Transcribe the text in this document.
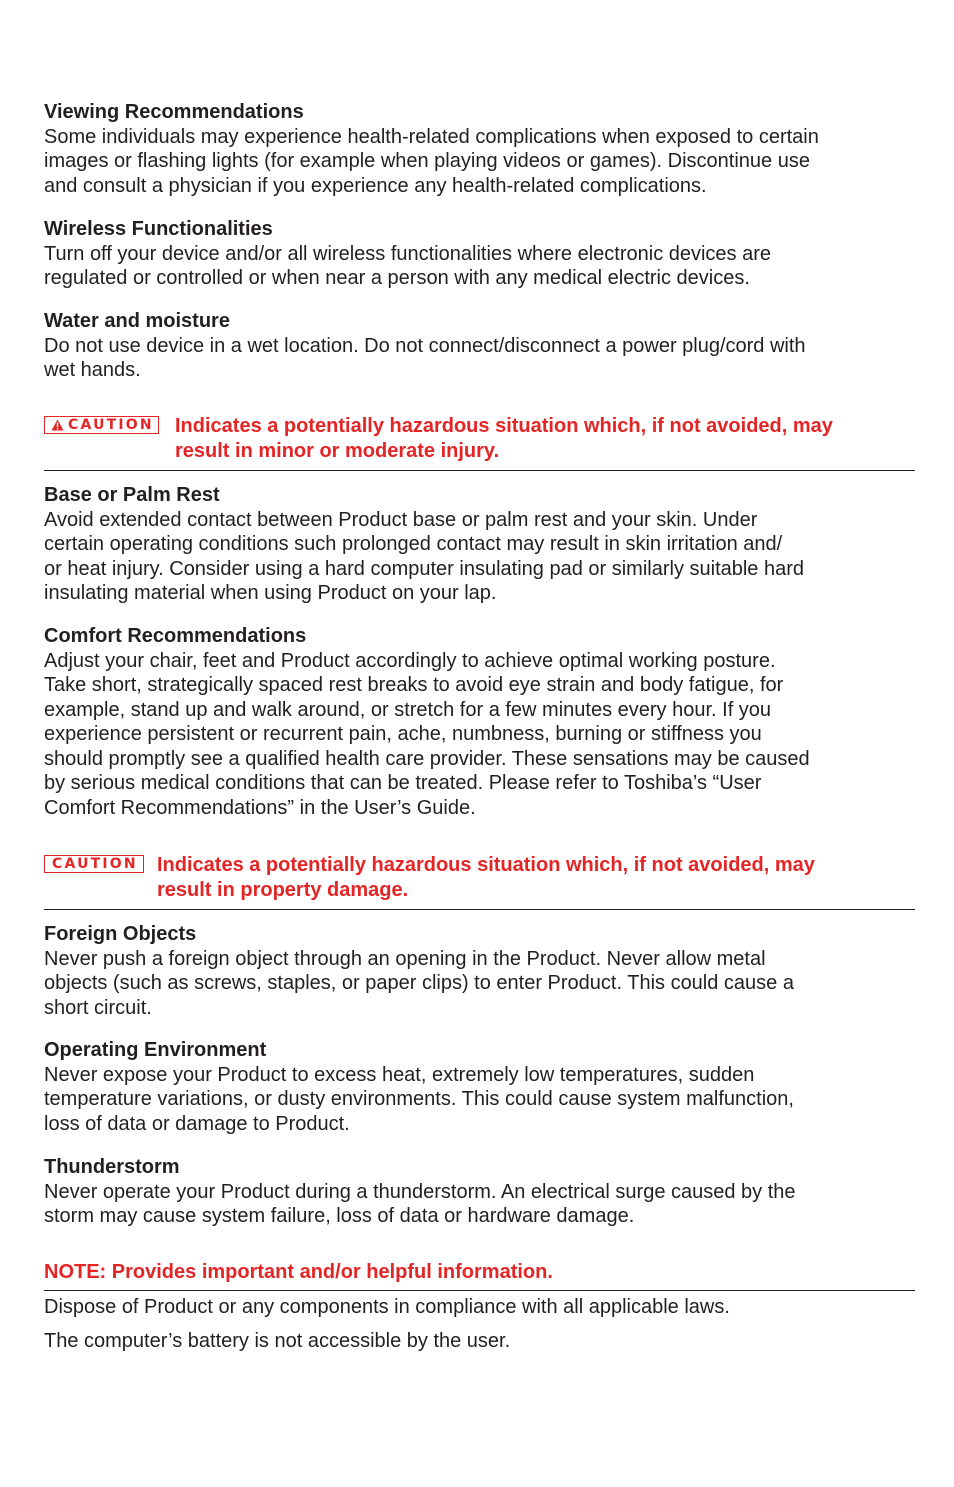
Viewing Recommendations
Some individuals may experience health-related complications when exposed to certain
images or flashing lights (for example when playing videos or games). Discontinue use
and consult a physician if you experience any health-related complications.
Wireless Functionalities
Turn off your device and/or all wireless functionalities where electronic devices are
regulated or controlled or when near a person with any medical electric devices.
Water and moisture
Do not use device in a wet location. Do not connect/disconnect a power plug/cord with
wet hands.
CAUTION Indicates a potentially hazardous situation which, if not avoided, may
result in minor or moderate injury.
Base or Palm Rest
Avoid extended contact between Product base or palm rest and your skin. Under
certain operating conditions such prolonged contact may result in skin irritation and/
or heat injury. Consider using a hard computer insulating pad or similarly suitable hard
insulating material when using Product on your lap.
Comfort Recommendations
Adjust your chair, feet and Product accordingly to achieve optimal working posture.
Take short, strategically spaced rest breaks to avoid eye strain and body fatigue, for
example, stand up and walk around, or stretch for a few minutes every hour. If you
experience persistent or recurrent pain, ache, numbness, burning or stiffness you
should promptly see a qualified health care provider. These sensations may be caused
by serious medical conditions that can be treated. Please refer to Toshiba’s “User
Comfort Recommendations” in the User’s Guide.
CAUTION Indicates a potentially hazardous situation which, if not avoided, may
result in property damage.
Foreign Objects
Never push a foreign object through an opening in the Product. Never allow metal
objects (such as screws, staples, or paper clips) to enter Product. This could cause a
short circuit.
Operating Environment
Never expose your Product to excess heat, extremely low temperatures, sudden
temperature variations, or dusty environments. This could cause system malfunction,
loss of data or damage to Product.
Thunderstorm
Never operate your Product during a thunderstorm. An electrical surge caused by the
storm may cause system failure, loss of data or hardware damage.
NOTE: Provides important and/or helpful information.
Dispose of Product or any components in compliance with all applicable laws.
The computer’s battery is not accessible by the user.
